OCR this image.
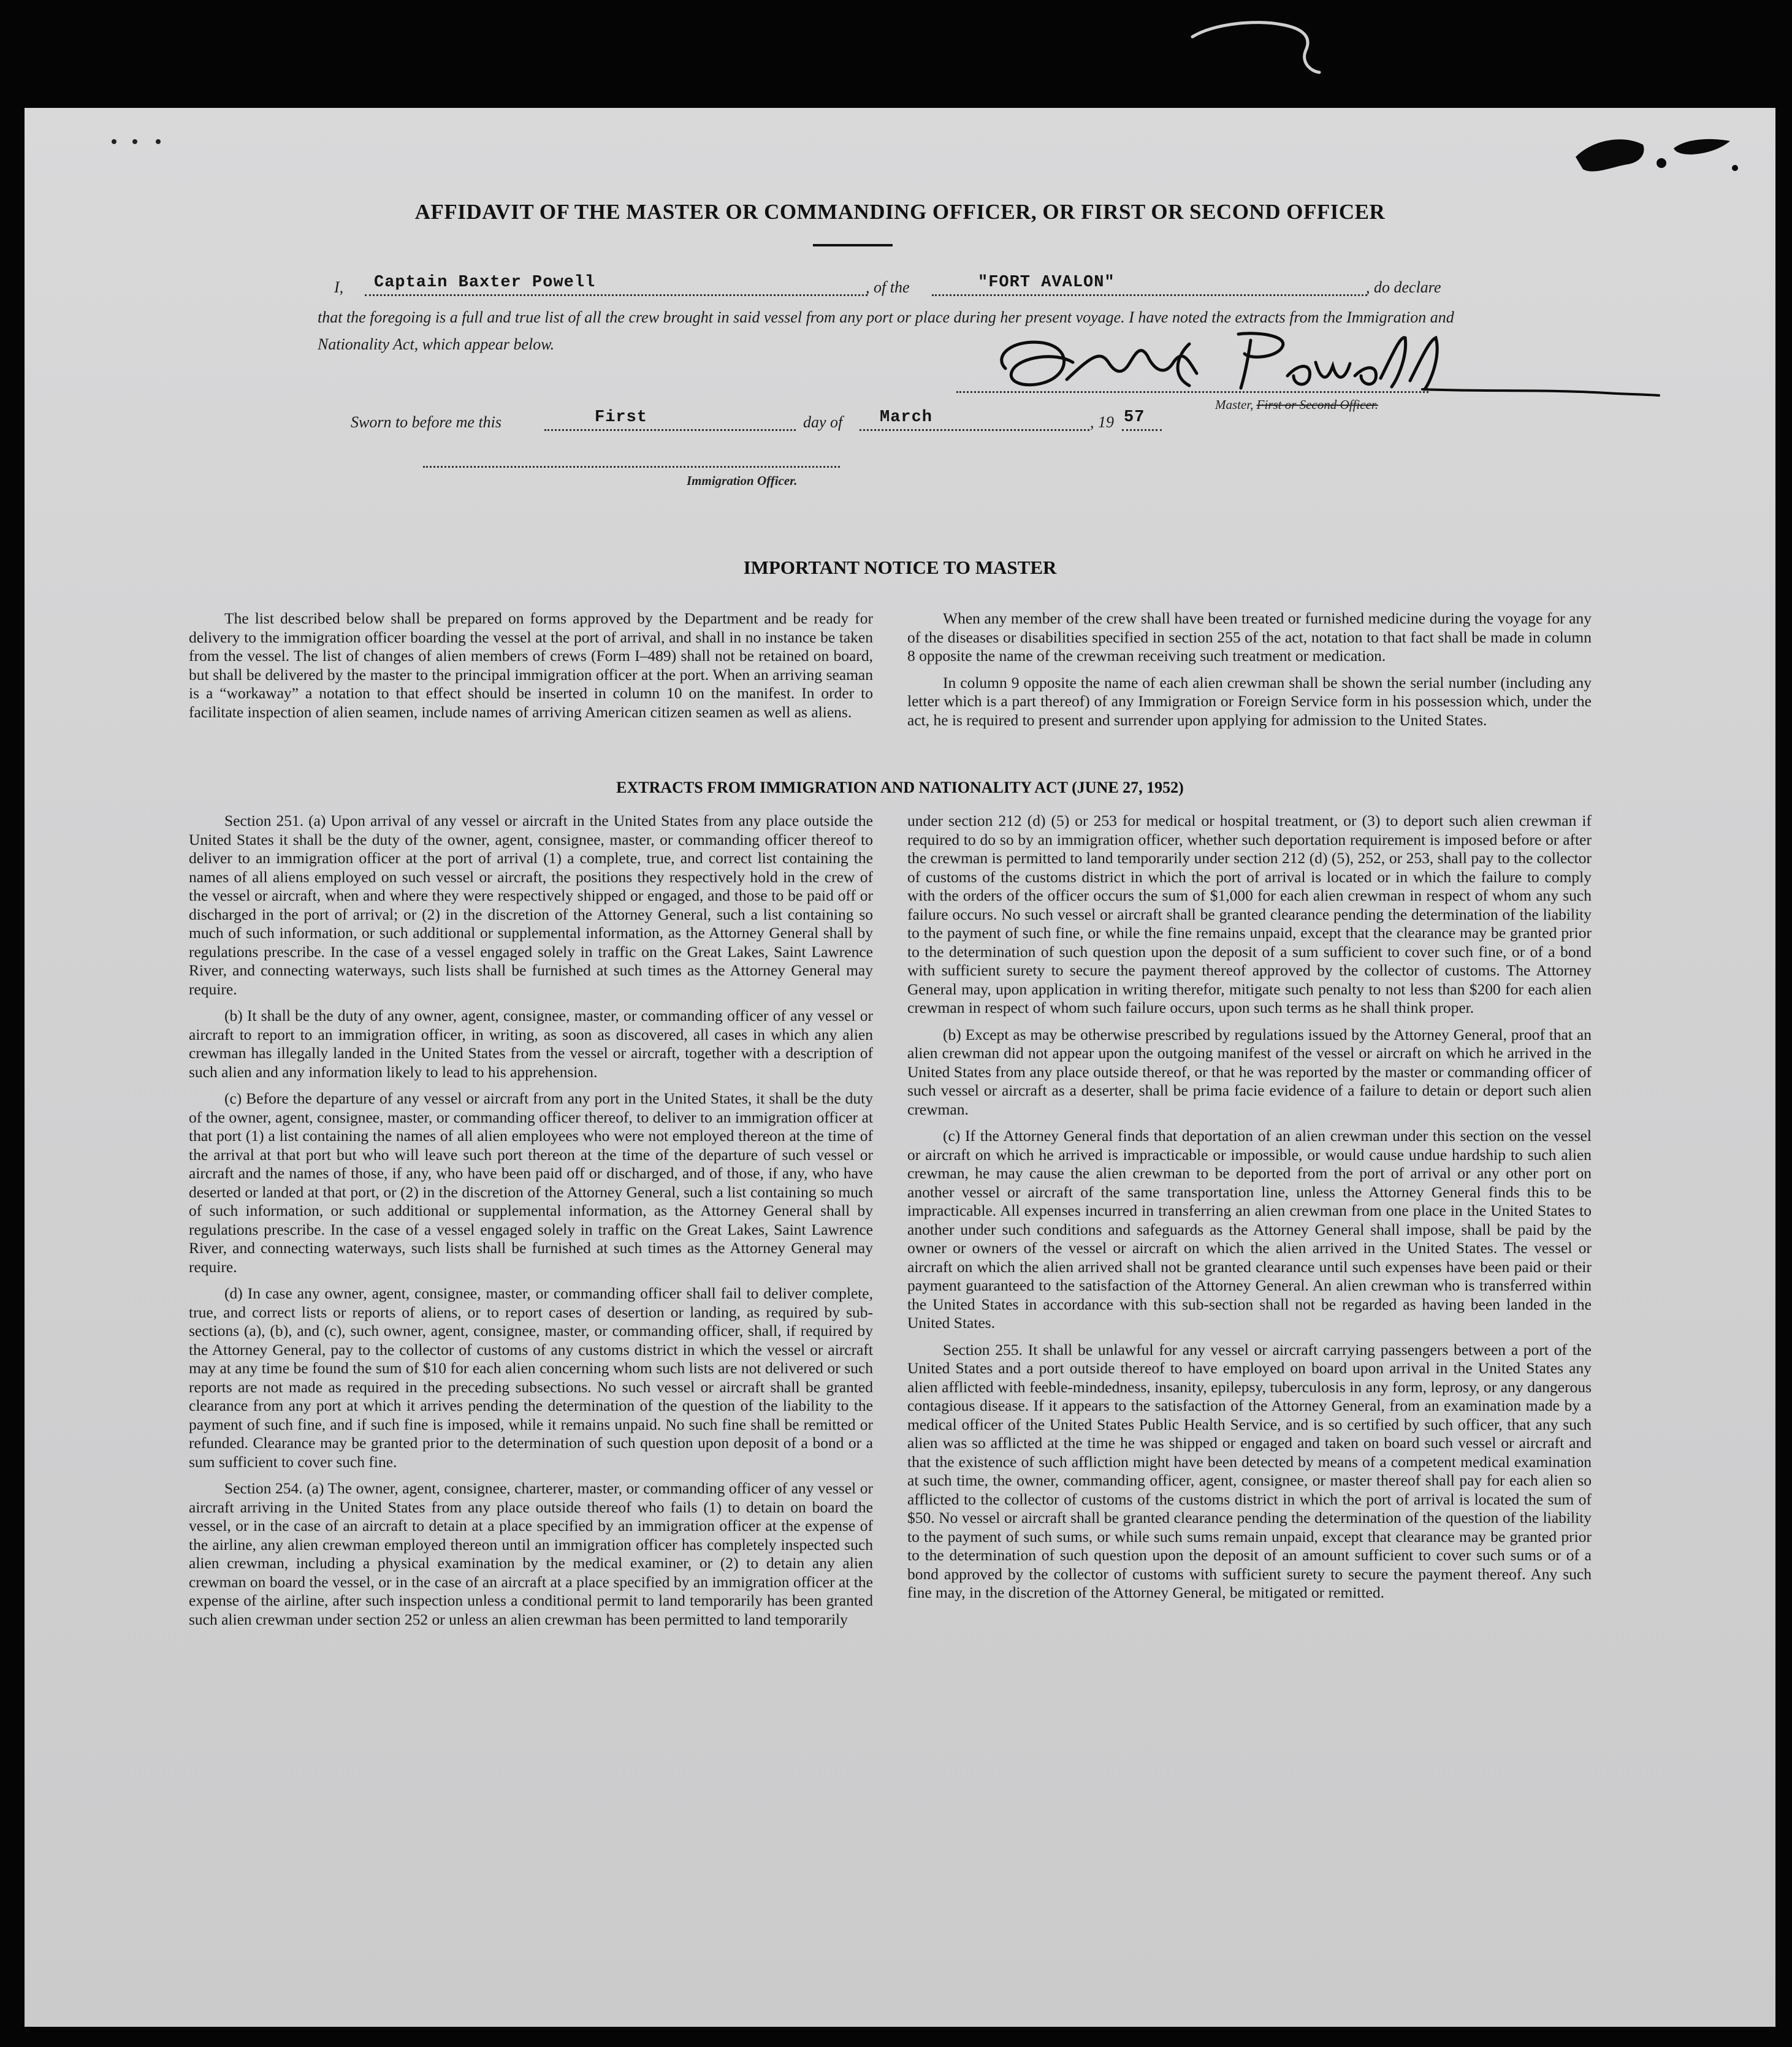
AFFIDAVIT OF THE MASTER OR COMMANDING OFFICER, OR FIRST OR SECOND OFFICER
I, Captain Baxter Powell	, of the	"FORT AVALON"	, do declare
that the foregoing is a full and true list of all the crew brought in said vessel from any port or place during her present voyage. I have noted the extracts from the Immigration and Nationality Act, which appear below.
Master, First or Second Officer.
Sworn to before me this	First	day of March	, 19 57
Immigration Officer.
IMPORTANT NOTICE TO MASTER

The list described below shall be prepared on forms approved by the Department and be ready for delivery to the immigration officer boarding the vessel at the port of arrival, and shall in no instance be taken from the vessel. The list of changes of alien members of crews (Form I–489) shall not be retained on board, but shall be delivered by the master to the principal immigration officer at the port. When an arriving seaman is a “workaway” a notation to that effect should be inserted in column 10 on the manifest. In order to facilitate inspection of alien seamen, include names of arriving American citizen seamen as well as aliens.

When any member of the crew shall have been treated or furnished medicine during the voyage for any of the diseases or disabilities specified in section 255 of the act, notation to that fact shall be made in column 8 opposite the name of the crewman receiving such treatment or medication.

In column 9 opposite the name of each alien crewman shall be shown the serial number (including any letter which is a part thereof) of any Immigration or Foreign Service form in his possession which, under the act, he is required to present and surrender upon applying for admission to the United States.

EXTRACTS FROM IMMIGRATION AND NATIONALITY ACT (JUNE 27, 1952)

Section 251. (a) Upon arrival of any vessel or aircraft in the United States from any place outside the United States it shall be the duty of the owner, agent, consignee, master, or commanding officer thereof to deliver to an immigration officer at the port of arrival (1) a complete, true, and correct list containing the names of all aliens employed on such vessel or aircraft, the positions they respectively hold in the crew of the vessel or aircraft, when and where they were respectively shipped or engaged, and those to be paid off or discharged in the port of arrival; or (2) in the discretion of the Attorney General, such a list containing so much of such information, or such additional or supplemental information, as the Attorney General shall by regulations prescribe. In the case of a vessel engaged solely in traffic on the Great Lakes, Saint Lawrence River, and connecting waterways, such lists shall be furnished at such times as the Attorney General may require.

(b) It shall be the duty of any owner, agent, consignee, master, or commanding officer of any vessel or aircraft to report to an immigration officer, in writing, as soon as discovered, all cases in which any alien crewman has illegally landed in the United States from the vessel or aircraft, together with a description of such alien and any information likely to lead to his apprehension.

(c) Before the departure of any vessel or aircraft from any port in the United States, it shall be the duty of the owner, agent, consignee, master, or commanding officer thereof, to deliver to an immigration officer at that port (1) a list containing the names of all alien employees who were not employed thereon at the time of the arrival at that port but who will leave such port thereon at the time of the departure of such vessel or aircraft and the names of those, if any, who have been paid off or discharged, and of those, if any, who have deserted or landed at that port, or (2) in the discretion of the Attorney General, such a list containing so much of such information, or such additional or supplemental information, as the Attorney General shall by regulations prescribe. In the case of a vessel engaged solely in traffic on the Great Lakes, Saint Lawrence River, and connecting waterways, such lists shall be furnished at such times as the Attorney General may require.

(d) In case any owner, agent, consignee, master, or commanding officer shall fail to deliver complete, true, and correct lists or reports of aliens, or to report cases of desertion or landing, as required by sub-sections (a), (b), and (c), such owner, agent, consignee, master, or commanding officer, shall, if required by the Attorney General, pay to the collector of customs of any customs district in which the vessel or aircraft may at any time be found the sum of $10 for each alien concerning whom such lists are not delivered or such reports are not made as required in the preceding subsections. No such vessel or aircraft shall be granted clearance from any port at which it arrives pending the determination of the question of the liability to the payment of such fine, and if such fine is imposed, while it remains unpaid. No such fine shall be remitted or refunded. Clearance may be granted prior to the determination of such question upon deposit of a bond or a sum sufficient to cover such fine.

Section 254. (a) The owner, agent, consignee, charterer, master, or commanding officer of any vessel or aircraft arriving in the United States from any place outside thereof who fails (1) to detain on board the vessel, or in the case of an aircraft to detain at a place specified by an immigration officer at the expense of the airline, any alien crewman employed thereon until an immigration officer has completely inspected such alien crewman, including a physical examination by the medical examiner, or (2) to detain any alien crewman on board the vessel, or in the case of an aircraft at a place specified by an immigration officer at the expense of the airline, after such inspection unless a conditional permit to land temporarily has been granted such alien crewman under section 252 or unless an alien crewman has been permitted to land temporarily

under section 212 (d) (5) or 253 for medical or hospital treatment, or (3) to deport such alien crewman if required to do so by an immigration officer, whether such deportation requirement is imposed before or after the crewman is permitted to land temporarily under section 212 (d) (5), 252, or 253, shall pay to the collector of customs of the customs district in which the port of arrival is located or in which the failure to comply with the orders of the officer occurs the sum of $1,000 for each alien crewman in respect of whom any such failure occurs. No such vessel or aircraft shall be granted clearance pending the determination of the liability to the payment of such fine, or while the fine remains unpaid, except that the clearance may be granted prior to the determination of such question upon the deposit of a sum sufficient to cover such fine, or of a bond with sufficient surety to secure the payment thereof approved by the collector of customs. The Attorney General may, upon application in writing therefor, mitigate such penalty to not less than $200 for each alien crewman in respect of whom such failure occurs, upon such terms as he shall think proper.

(b) Except as may be otherwise prescribed by regulations issued by the Attorney General, proof that an alien crewman did not appear upon the outgoing manifest of the vessel or aircraft on which he arrived in the United States from any place outside thereof, or that he was reported by the master or commanding officer of such vessel or aircraft as a deserter, shall be prima facie evidence of a failure to detain or deport such alien crewman.

(c) If the Attorney General finds that deportation of an alien crewman under this section on the vessel or aircraft on which he arrived is impracticable or impossible, or would cause undue hardship to such alien crewman, he may cause the alien crewman to be deported from the port of arrival or any other port on another vessel or aircraft of the same transportation line, unless the Attorney General finds this to be impracticable. All expenses incurred in transferring an alien crewman from one place in the United States to another under such conditions and safeguards as the Attorney General shall impose, shall be paid by the owner or owners of the vessel or aircraft on which the alien arrived in the United States. The vessel or aircraft on which the alien arrived shall not be granted clearance until such expenses have been paid or their payment guaranteed to the satisfaction of the Attorney General. An alien crewman who is transferred within the United States in accordance with this sub-section shall not be regarded as having been landed in the United States.

Section 255. It shall be unlawful for any vessel or aircraft carrying passengers between a port of the United States and a port outside thereof to have employed on board upon arrival in the United States any alien afflicted with feeble-mindedness, insanity, epilepsy, tuberculosis in any form, leprosy, or any dangerous contagious disease. If it appears to the satisfaction of the Attorney General, from an examination made by a medical officer of the United States Public Health Service, and is so certified by such officer, that any such alien was so afflicted at the time he was shipped or engaged and taken on board such vessel or aircraft and that the existence of such affliction might have been detected by means of a competent medical examination at such time, the owner, commanding officer, agent, consignee, or master thereof shall pay for each alien so afflicted to the collector of customs of the customs district in which the port of arrival is located the sum of $50. No vessel or aircraft shall be granted clearance pending the determination of the question of the liability to the payment of such sums, or while such sums remain unpaid, except that clearance may be granted prior to the determination of such question upon the deposit of an amount sufficient to cover such sums or of a bond approved by the collector of customs with sufficient surety to secure the payment thereof. Any such fine may, in the discretion of the Attorney General, be mitigated or remitted.
